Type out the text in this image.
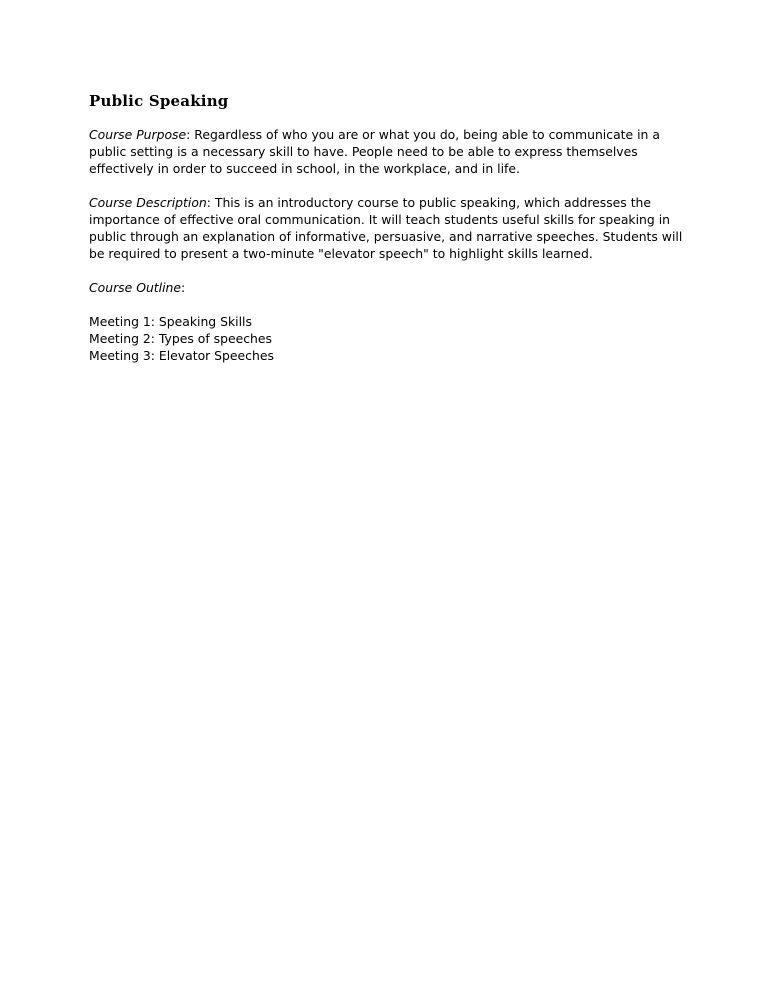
Public Speaking

Course Purpose: Regardless of who you are or what you do, being able to communicate in a public setting is a necessary skill to have. People need to be able to express themselves effectively in order to succeed in school, in the workplace, and in life.

Course Description: This is an introductory course to public speaking, which addresses the importance of effective oral communication. It will teach students useful skills for speaking in public through an explanation of informative, persuasive, and narrative speeches. Students will be required to present a two-minute "elevator speech" to highlight skills learned.

Course Outline:

Meeting 1: Speaking Skills
Meeting 2: Types of speeches
Meeting 3: Elevator Speeches
